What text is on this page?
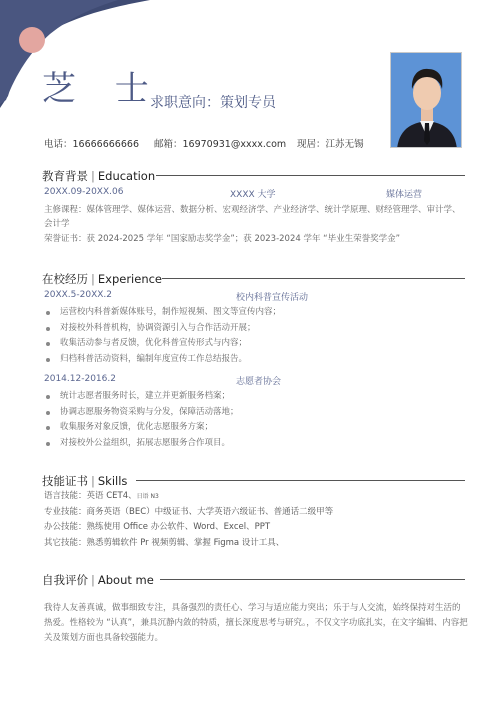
芝 士
求职意向：策划专员
电话：16666666666 邮箱：16970931@xxxx.com 现居：江苏无锡
教育背景 | Education
20XX.09-20XX.06	XXXX 大学	媒体运营
主修课程：媒体管理学、媒体运营、数据分析、宏观经济学、产业经济学、统计学原理、财经管理学、审计学、会计学
荣誉证书：获 2024-2025 学年 “国家励志奖学金”；获 2023-2024 学年 “毕业生荣誉奖学金”
在校经历 | Experience
20XX.5-20XX.2	校内科普宣传活动
运营校内科普新媒体账号，制作短视频、图文等宣传内容；
对接校外科普机构，协调资源引入与合作活动开展；
收集活动参与者反馈，优化科普宣传形式与内容；
归档科普活动资料，编制年度宣传工作总结报告。
2014.12-2016.2	志愿者协会
统计志愿者服务时长，建立并更新服务档案；
协调志愿服务物资采购与分发，保障活动落地；
收集服务对象反馈，优化志愿服务方案；
对接校外公益组织，拓展志愿服务合作项目。
技能证书 | Skills
语言技能：英语 CET4、日语 N3
专业技能：商务英语（BEC）中级证书、大学英语六级证书、普通话二级甲等
办公技能：熟练使用 Office 办公软件、Word、Excel、PPT
其它技能：熟悉剪辑软件 Pr 视频剪辑、掌握 Figma 设计工具、
自我评价 | About me
我待人友善真诚，做事细致专注，具备强烈的责任心、学习与适应能力突出；乐于与人交流，始终保持对生活的热爱。性格较为 “认真”，兼具沉静内敛的特质，擅长深度思考与研究。，不仅文字功底扎实，在文字编辑、内容把关及策划方面也具备较强能力。
